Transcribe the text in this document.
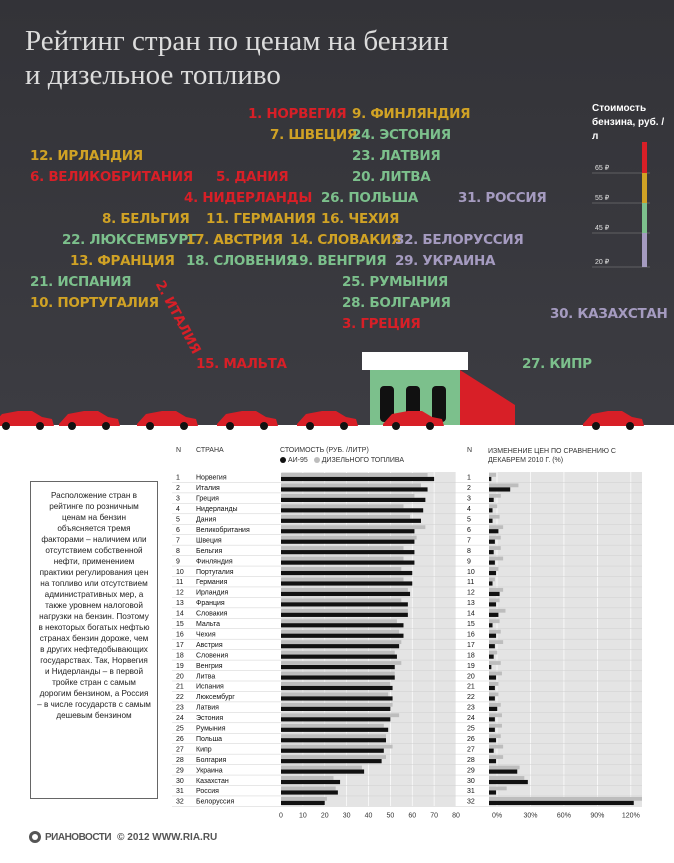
Рейтинг стран по ценам на бензин
и дизельное топливо
1. НОРВЕГИЯ 9. ФИНЛЯНДИЯ
7. ШВЕЦИЯ
24. ЭСТОНИЯ
23. ЛАТВИЯ
12. ИРЛАНДИЯ
6. ВЕЛИКОБРИТАНИЯ 5. ДАНИЯ	20. ЛИТВА
4. НИДЕРЛАНДЫ 26. ПОЛЬША	31. РОССИЯ
8. БЕЛЬГИЯ 11. ГЕРМАНИЯ 16. ЧЕХИЯ
22. ЛЮКСЕМБУРГ
17. АВСТРИЯ 14. СЛОВАКИЯ
32. БЕЛОРУССИЯ
13. ФРАНЦИЯ 18. СЛОВЕНИЯ
19. ВЕНГРИЯ 29. УКРАИНА
2. ИТАЛИЯ
21. ИСПАНИЯ	25. РУМЫНИЯ
10. ПОРТУГАЛИЯ	28. БОЛГАРИЯ
3. ГРЕЦИЯ
30. КАЗАХСТАН
15. МАЛЬТА	27. КИПР

Стоимость бензина, руб. / л

65 ₽
55 ₽
45 ₽
20 ₽
Расположение стран в рейтинге по розничным ценам на бензин объясняется тремя факторами – наличием или отсутствием собственной нефти, применением практики регулирования цен на топливо или отсутствием административных мер, а также уровнем налоговой нагрузки на бензин. Поэтому в некоторых богатых нефтью странах бензин дороже, чем в других нефтедобывающих государствах. Так, Норвегия и Нидерланды – в первой тройке стран с самым дорогим бензином, а Россия – в числе государств с самым дешевым бензином
N СТРАНА	СТОИМОСТЬ (РУБ. /ЛИТР)	N ИЗМЕНЕНИЕ ЦЕН ПО СРАВНЕНИЮ С ДЕКАБРЕМ 2010 Г. (%)
АИ-95 ДИЗЕЛЬНОГО ТОПЛИВА
0 10 20 30 40 50 60 70 80	0%	30%	60%	90%	120%
1 Норвегия	1
2 Италия	2
3 Греция	3
4 Нидерланды	4
5 Дания	5
6 Великобритания	6
7 Швеция	7
8 Бельгия	8
9 Финляндия	9
10 Португалия	10
11 Германия	11
12 Ирландия	12
13 Франция	13
14 Словакия	14
15 Мальта	15
16 Чехия	16
17 Австрия	17
18 Словения	18
19 Венгрия	19
20 Литва	20
21 Испания	21
22 Люксембург	22
23 Латвия	23
24 Эстония	24
25 Румыния	25
26 Польша	26
27 Кипр	27
28 Болгария	28
29 Украина	29
30 Казахстан	30
31 Россия	31
32 Белоруссия	32
РИАНОВОСТИ © 2012 WWW.RIA.RU
